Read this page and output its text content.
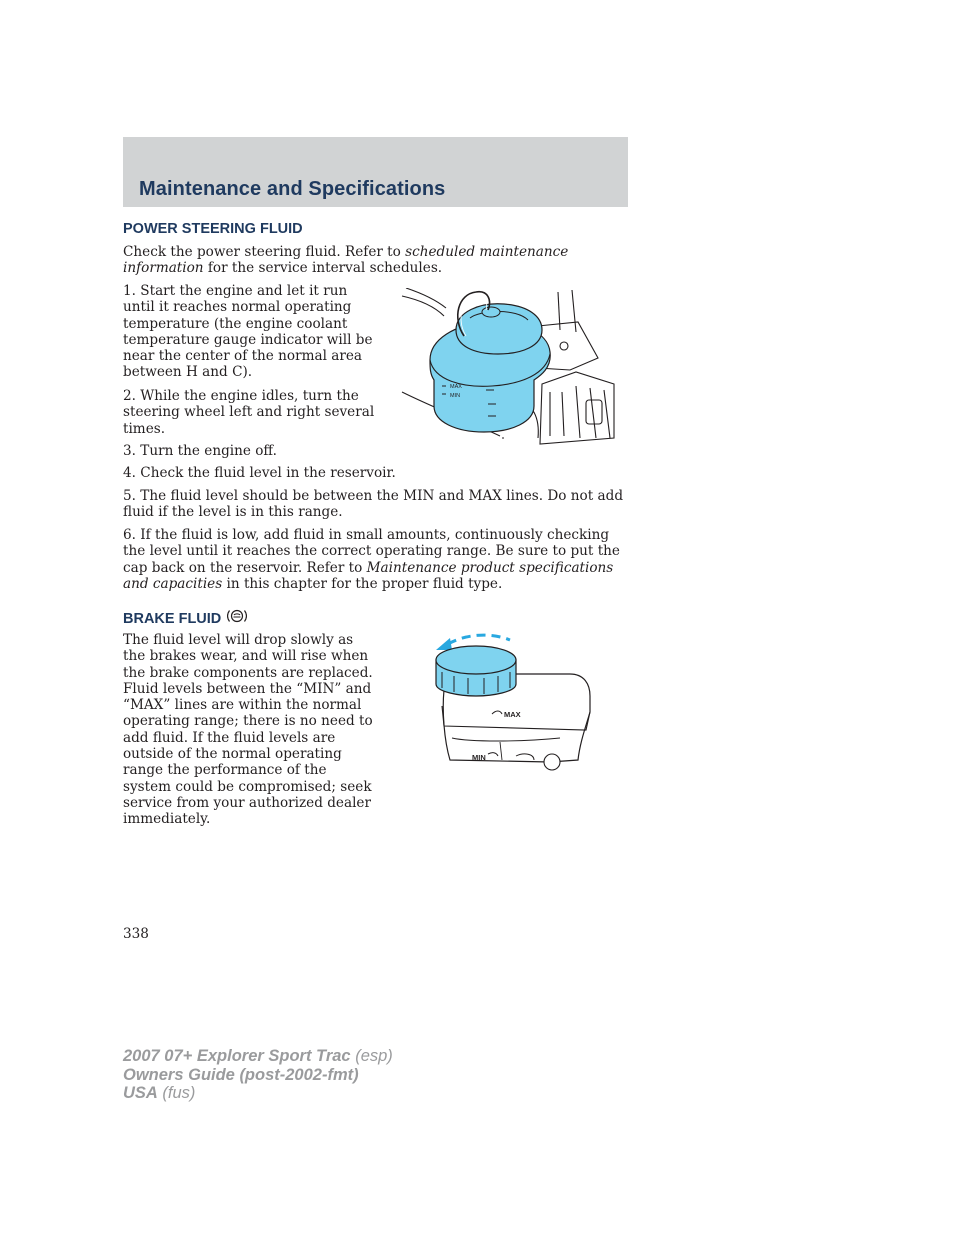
Maintenance and Specifications
POWER STEERING FLUID

Check the power steering fluid. Refer to scheduled maintenance information for the service interval schedules.

1. Start the engine and let it run until it reaches normal operating temperature (the engine coolant temperature gauge indicator will be near the center of the normal area between H and C).

2. While the engine idles, turn the steering wheel left and right several times.

3. Turn the engine off.

4. Check the fluid level in the reservoir.

5. The fluid level should be between the MIN and MAX lines. Do not add fluid if the level is in this range.

6. If the fluid is low, add fluid in small amounts, continuously checking the level until it reaches the correct operating range. Be sure to put the cap back on the reservoir. Refer to Maintenance product specifications and capacities in this chapter for the proper fluid type.

MAX
MIN
BRAKE FLUID

The fluid level will drop slowly as the brakes wear, and will rise when the brake components are replaced. Fluid levels between the “MIN” and “MAX” lines are within the normal operating range; there is no need to add fluid. If the fluid levels are outside of the normal operating range the performance of the system could be compromised; seek service from your authorized dealer immediately.

MAX
MIN
338
2007 07+ Explorer Sport Trac (esp)
Owners Guide (post-2002-fmt)
USA (fus)
